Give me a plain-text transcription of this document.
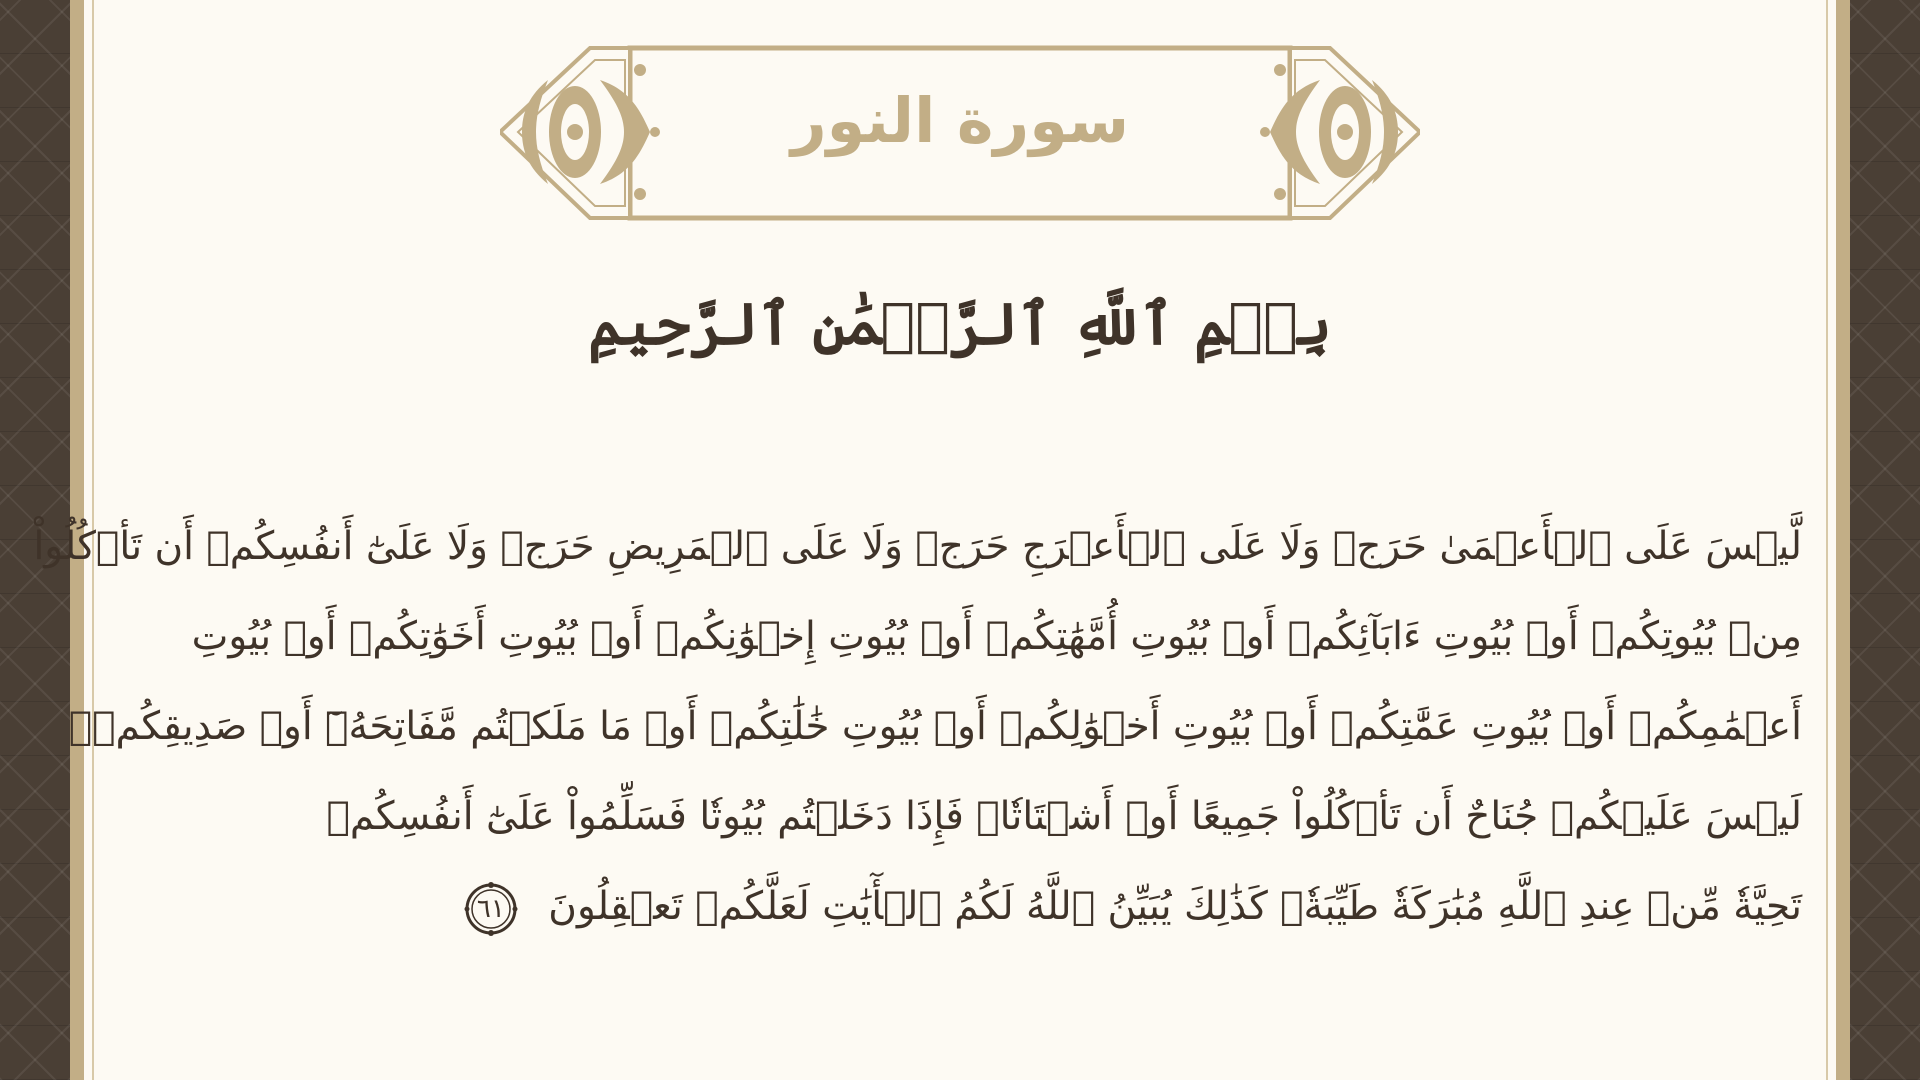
سورة النور
بِسۡمِ ٱللَّهِ ٱلرَّحۡمَٰنِ ٱلرَّحِيمِ
لَّيۡسَ عَلَى ٱلۡأَعۡمَىٰ حَرَجٞ وَلَا عَلَى ٱلۡأَعۡرَجِ حَرَجٞ وَلَا عَلَى ٱلۡمَرِيضِ حَرَجٞ وَلَا عَلَىٰٓ أَنفُسِكُمۡ أَن تَأۡكُلُواْ
مِنۢ بُيُوتِكُمۡ أَوۡ بُيُوتِ ءَابَآئِكُمۡ أَوۡ بُيُوتِ أُمَّهَٰتِكُمۡ أَوۡ بُيُوتِ إِخۡوَٰنِكُمۡ أَوۡ بُيُوتِ أَخَوَٰتِكُمۡ أَوۡ بُيُوتِ
أَعۡمَٰمِكُمۡ أَوۡ بُيُوتِ عَمَّٰتِكُمۡ أَوۡ بُيُوتِ أَخۡوَٰلِكُمۡ أَوۡ بُيُوتِ خَٰلَٰتِكُمۡ أَوۡ مَا مَلَكۡتُم مَّفَاتِحَهُۥٓ أَوۡ صَدِيقِكُمۡۚ
لَيۡسَ عَلَيۡكُمۡ جُنَاحٌ أَن تَأۡكُلُواْ جَمِيعًا أَوۡ أَشۡتَاتٗاۚ فَإِذَا دَخَلۡتُم بُيُوتٗا فَسَلِّمُواْ عَلَىٰٓ أَنفُسِكُمۡ
تَحِيَّةٗ مِّنۡ عِندِ ٱللَّهِ مُبَٰرَكَةٗ طَيِّبَةٗۚ كَذَٰلِكَ يُبَيِّنُ ٱللَّهُ لَكُمُ ٱلۡأٓيَٰتِ لَعَلَّكُمۡ تَعۡقِلُونَ
٦١
